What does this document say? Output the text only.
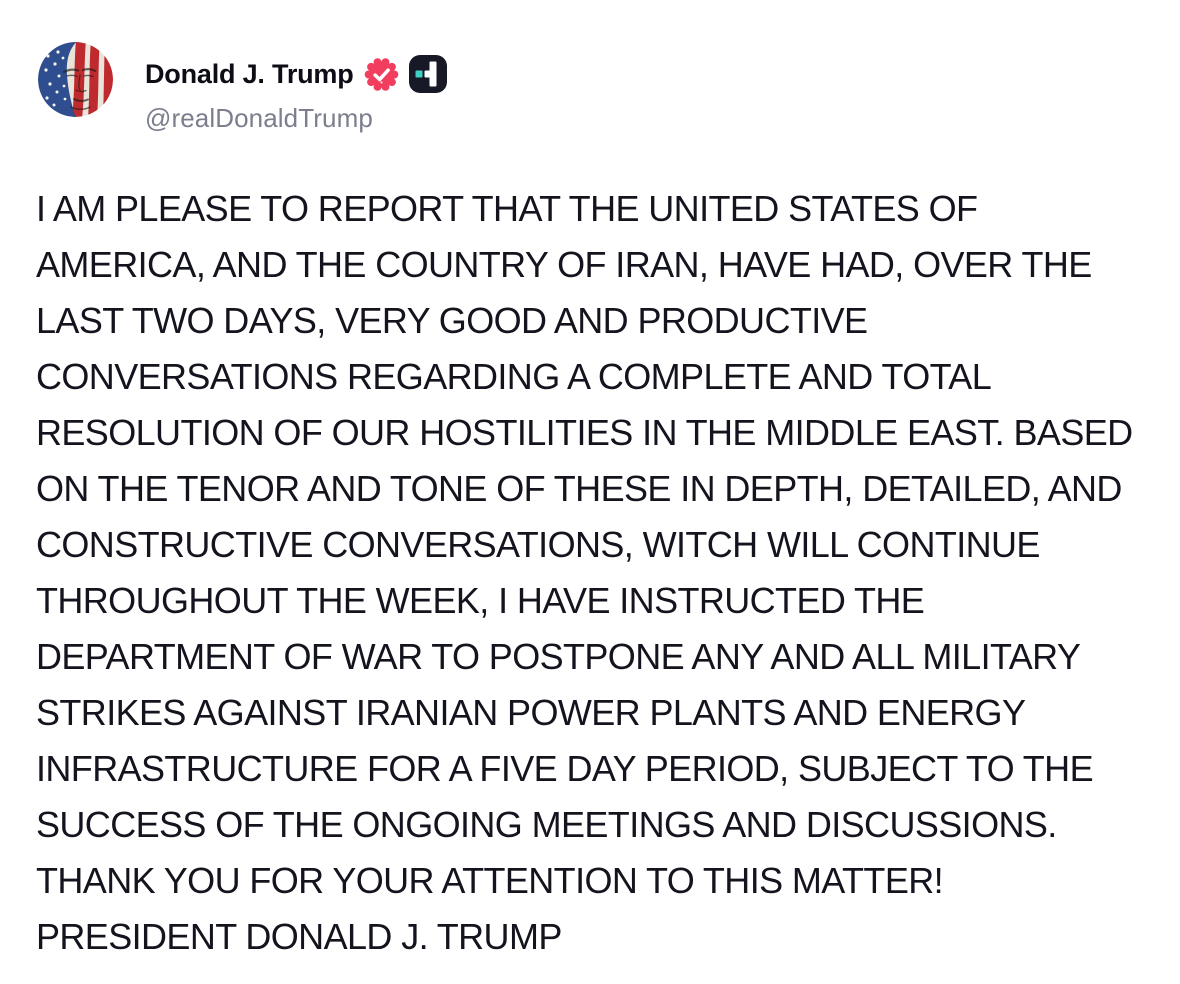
Donald J. Trump
@realDonaldTrump
I AM PLEASE TO REPORT THAT THE UNITED STATES OF
AMERICA, AND THE COUNTRY OF IRAN, HAVE HAD, OVER THE
LAST TWO DAYS, VERY GOOD AND PRODUCTIVE
CONVERSATIONS REGARDING A COMPLETE AND TOTAL
RESOLUTION OF OUR HOSTILITIES IN THE MIDDLE EAST. BASED
ON THE TENOR AND TONE OF THESE IN DEPTH, DETAILED, AND
CONSTRUCTIVE CONVERSATIONS, WITCH WILL CONTINUE
THROUGHOUT THE WEEK, I HAVE INSTRUCTED THE
DEPARTMENT OF WAR TO POSTPONE ANY AND ALL MILITARY
STRIKES AGAINST IRANIAN POWER PLANTS AND ENERGY
INFRASTRUCTURE FOR A FIVE DAY PERIOD, SUBJECT TO THE
SUCCESS OF THE ONGOING MEETINGS AND DISCUSSIONS.
THANK YOU FOR YOUR ATTENTION TO THIS MATTER!
PRESIDENT DONALD J. TRUMP
